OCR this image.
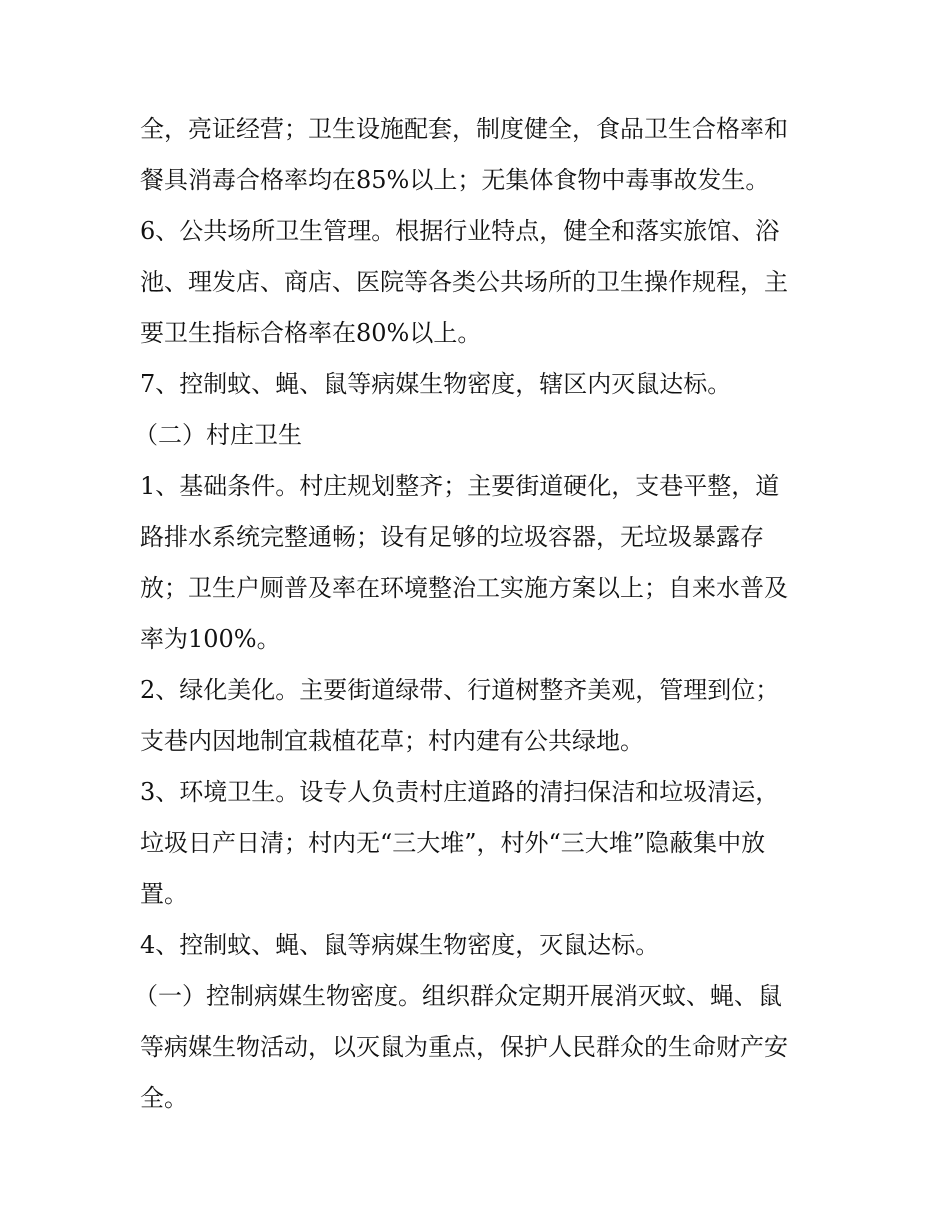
全，亮证经营；卫生设施配套，制度健全，食品卫生合格率和
餐具消毒合格率均在85%以上；无集体食物中毒事故发生。
6、公共场所卫生管理。根据行业特点，健全和落实旅馆、浴
池、理发店、商店、医院等各类公共场所的卫生操作规程，主
要卫生指标合格率在80%以上。
7、控制蚊、蝇、鼠等病媒生物密度，辖区内灭鼠达标。
（二）村庄卫生
1、基础条件。村庄规划整齐；主要街道硬化，支巷平整，道
路排水系统完整通畅；设有足够的垃圾容器，无垃圾暴露存
放；卫生户厕普及率在环境整治工实施方案以上；自来水普及
率为100%。
2、绿化美化。主要街道绿带、行道树整齐美观，管理到位；
支巷内因地制宜栽植花草；村内建有公共绿地。
3、环境卫生。设专人负责村庄道路的清扫保洁和垃圾清运，
垃圾日产日清；村内无“三大堆”，村外“三大堆”隐蔽集中放
置。
4、控制蚊、蝇、鼠等病媒生物密度，灭鼠达标。
（一）控制病媒生物密度。组织群众定期开展消灭蚊、蝇、鼠
等病媒生物活动，以灭鼠为重点，保护人民群众的生命财产安
全。
